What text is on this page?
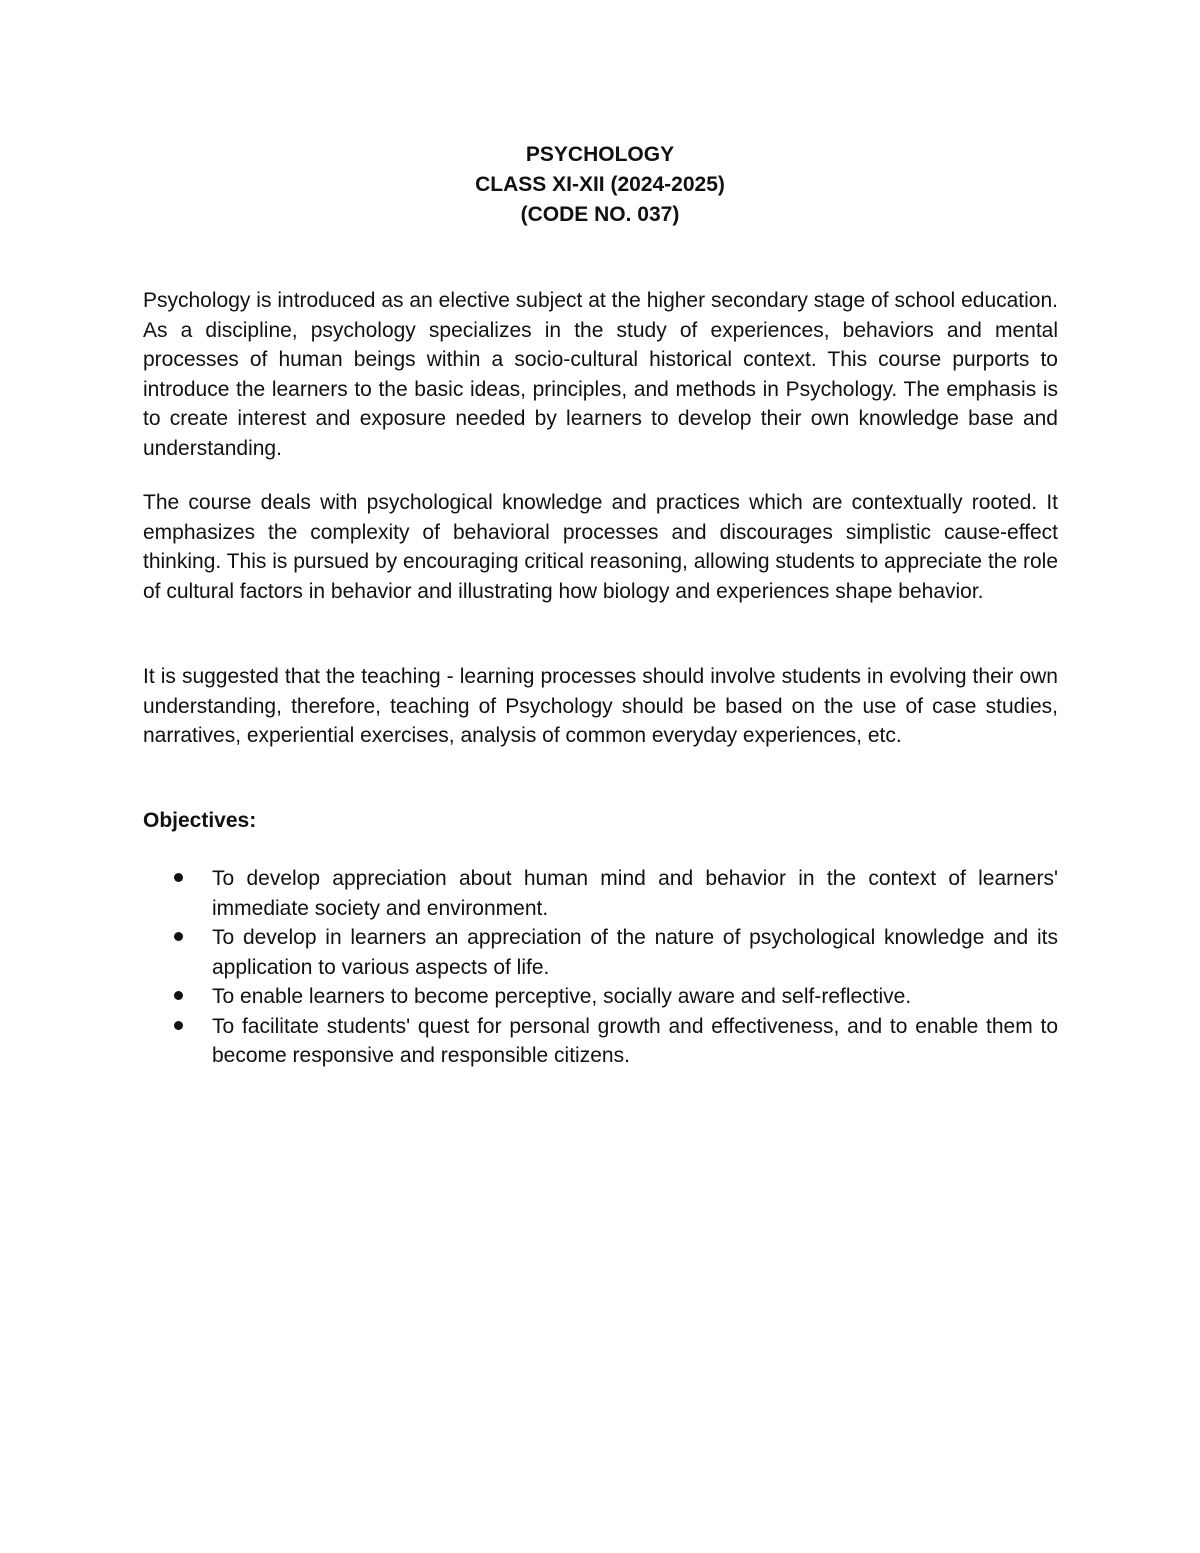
PSYCHOLOGY
CLASS XI-XII (2024-2025)
(CODE NO. 037)

Psychology is introduced as an elective subject at the higher secondary stage of school education. As a discipline, psychology specializes in the study of experiences, behaviors and mental processes of human beings within a socio-cultural historical context. This course purports to introduce the learners to the basic ideas, principles, and methods in Psychology. The emphasis is to create interest and exposure needed by learners to develop their own knowledge base and understanding.

The course deals with psychological knowledge and practices which are contextually rooted. It emphasizes the complexity of behavioral processes and discourages simplistic cause-effect thinking. This is pursued by encouraging critical reasoning, allowing students to appreciate the role of cultural factors in behavior and illustrating how biology and experiences shape behavior.

It is suggested that the teaching - learning processes should involve students in evolving their own understanding, therefore, teaching of Psychology should be based on the use of case studies, narratives, experiential exercises, analysis of common everyday experiences, etc.

Objectives:
To develop appreciation about human mind and behavior in the context of learners' immediate society and environment.
To develop in learners an appreciation of the nature of psychological knowledge and its application to various aspects of life.
To enable learners to become perceptive, socially aware and self-reflective.
To facilitate students' quest for personal growth and effectiveness, and to enable them to become responsive and responsible citizens.
